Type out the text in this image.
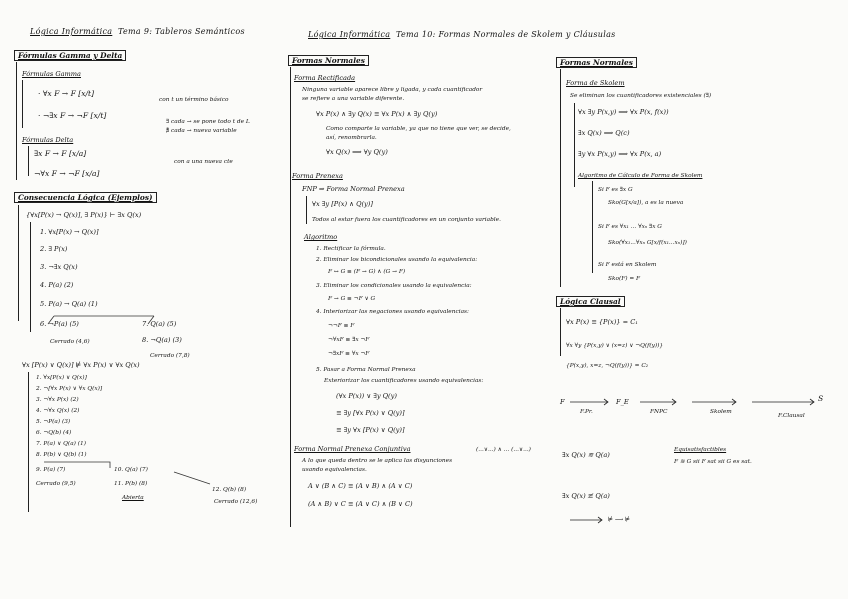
Lógica Informática Tema 9: Tableros Semánticos
Fórmulas Gamma y Delta
Fórmulas Gamma
· ∀x F → F [x/t]
· ¬∃x F → ¬F [x/t]
con t un término básico
∃ cada → se pone todo t de L
∄ cada → nueva variable
Fórmulas Delta
∃x F → F [x/a]
¬∀x F → ¬F [x/a]
con a una nueva cte
Consecuencia Lógica (Ejemplos)
{∀x[P(x) → Q(x)], ∃ P(x)} ⊢ ∃x Q(x)
1. ∀x[P(x) → Q(x)]
2. ∃ P(x)
3. ¬∃x Q(x)
4. P(a) (2)
5. P(a) → Q(a) (1)
6. ¬P(a) (5)	7. Q(a) (5)
8. ¬Q(a) (3)
Cerrado (4,6)
Cerrado (7,8)
∀x [P(x) ∨ Q(x)] ⊭ ∀x P(x) ∨ ∀x Q(x)
1. ∀x[P(x) ∨ Q(x)]
2. ¬[∀x P(x) ∨ ∀x Q(x)]
3. ¬∀x P(x) (2)
4. ¬∀x Q(x) (2)
5. ¬P(a) (3)
6. ¬Q(b) (4)
7. P(a) ∨ Q(a) (1)
8. P(b) ∨ Q(b) (1)
9. P(a) (7)	10. Q(a) (7)
11. P(b) (8)
12. Q(b) (8)
Cerrado (9,5)
Abierta
Cerrado (12,6)
Lógica Informática Tema 10: Formas Normales de Skolem y Cláusulas
Formas Normales
Forma Rectificada
Ninguna variable aparece libre y ligada, y cada cuantificador
se refiere a una variable diferente.
∀x P(x) ∧ ∃y Q(x) ≡ ∀x P(x) ∧ ∃y Q(y)
Como comparte la variable, ya que no tiene que ver, se decide,
así, renombrarla.
∀x Q(x) ⟹ ∀y Q(y)
Forma Prenexa
FNP ⇒ Forma Normal Prenexa
∀x ∃y [P(x) ∧ Q(y)]
Todos al estar fuera los cuantificadores en un conjunto variable.
Algoritmo
1. Rectificar la fórmula.
2. Eliminar los bicondicionales usando la equivalencia:
F ↔ G ≡ (F → G) ∧ (G → F)
3. Eliminar los condicionales usando la equivalencia:
F → G ≡ ¬F ∨ G
4. Interiorizar las negaciones usando equivalencias:
¬¬F ≡ F
¬∀xF ≡ ∃x ¬F
¬∃xF ≡ ∀x ¬F
5. Pasar a Forma Normal Prenexa
Exteriorizar los cuantificadores usando equivalencias:
(∀x P(x)) ∨ ∃y Q(y)
≡ ∃y [∀x P(x) ∨ Q(y)]
≡ ∃y ∀x [P(x) ∨ Q(y)]
Forma Normal Prenexa Conjuntiva	(...∨...) ∧ ... (...∨...)
A lo que queda dentro se le aplica las disyunciones
usando equivalencias.
A ∨ (B ∧ C) ≡ (A ∨ B) ∧ (A ∨ C)
(A ∧ B) ∨ C ≡ (A ∨ C) ∧ (B ∨ C)
Formas Normales
Forma de Skolem
Se eliminan los cuantificadores existenciales (∃)
∀x ∃y P(x,y) ⟹ ∀x P(x, f(x))
∃x Q(x) ⟹ Q(c)
∃y ∀x P(x,y) ⟹ ∀x P(x, a)
Algoritmo de Cálculo de Forma de Skolem
Si F es ∃x G
Sko(G[x/a]), a es la nueva
Si F es ∀x₁ ... ∀xₙ ∃x G
Sko(∀x₁...∀xₙ G[x/f(x₁...xₙ)])
Si F está en Skolem
Sko(F) = F
Lógica Clausal
∀x P(x) ≡ {P(x)} = C₁
∀x ∀y {P(x,y) ∨ (x=z) ∨ ¬Q(f(y))}
{P(x,y), x=z, ¬Q(f(y))} = C₂
F
F.Pr.
F_E
FNPC	Skolem
F.Clausal
S
∃x Q(x) ≋ Q(a)
Equisatisfactibles
F ≋ G sii F sat sii G es sat.
∃x Q(x) ≢ Q(a)
⊭ ⟶ ⊭
